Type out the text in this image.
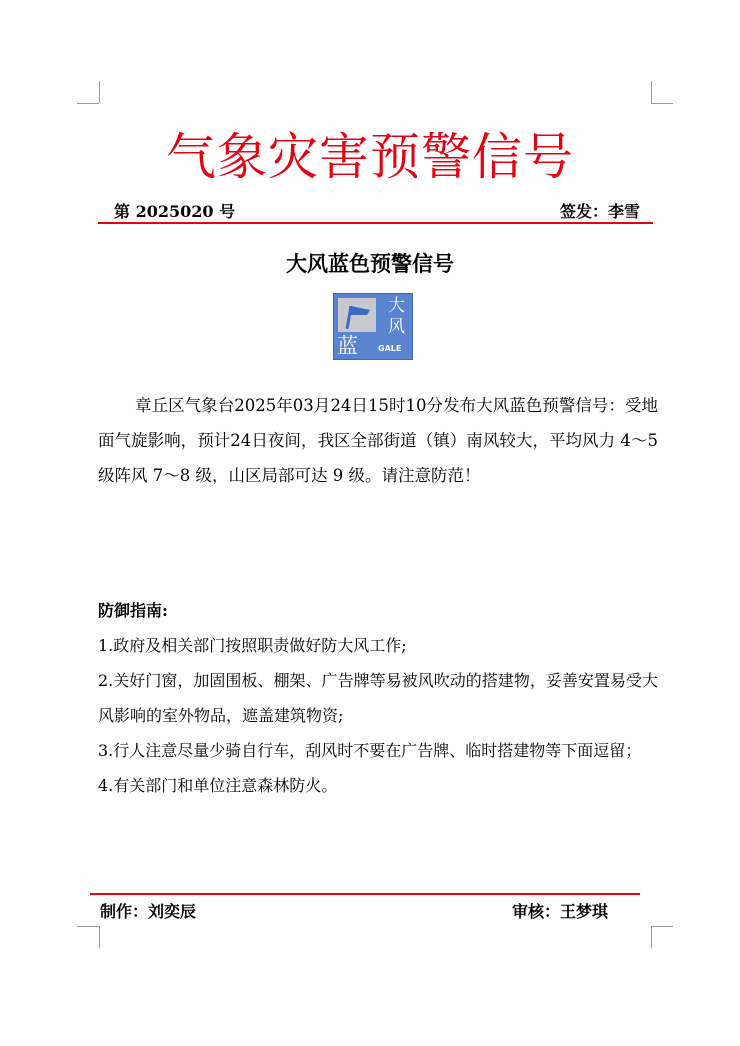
气象灾害预警信号
第 2025020 号	签发：李雪
大风蓝色预警信号
大
风
蓝	GALE
章丘区气象台2025年03月24日15时10分发布大风蓝色预警信号：受地面气旋影响，预计24日夜间，我区全部街道（镇）南风较大，平均风力 4～5 级阵风 7～8 级，山区局部可达 9 级。请注意防范！
防御指南:
1.政府及相关部门按照职责做好防大风工作;
2.关好门窗，加固围板、棚架、广告牌等易被风吹动的搭建物，妥善安置易受大风影响的室外物品，遮盖建筑物资;
3.行人注意尽量少骑自行车，刮风时不要在广告牌、临时搭建物等下面逗留；
4.有关部门和单位注意森林防火。
制作：刘奕辰	审核：王梦琪
